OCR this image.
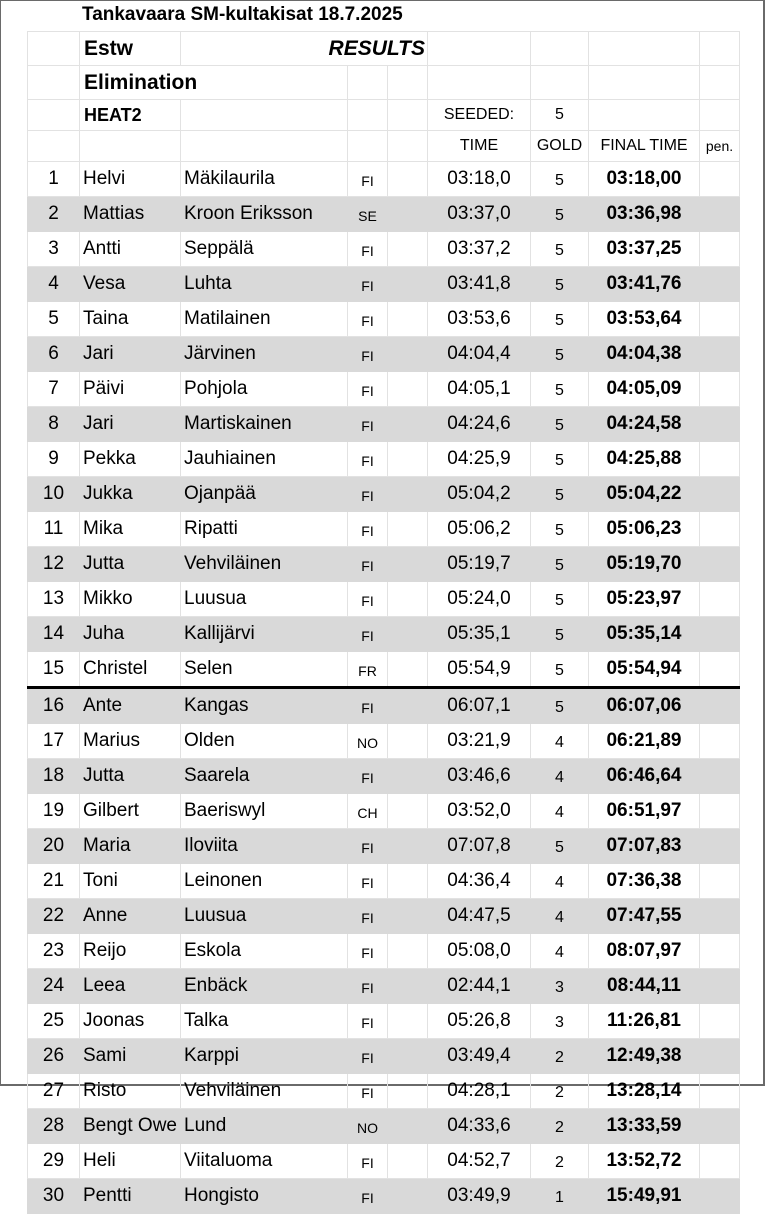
Tankavaara SM-kultakisat 18.7.2025
	Estw	RESULTS						
	Elimination							
	HEAT2				SEEDED:	5		
					TIME	GOLD	FINAL TIME	pen.
1	Helvi	Mäkilaurila	FI		03:18,0	5	03:18,00	
2	Mattias	Kroon Eriksson	SE		03:37,0	5	03:36,98	
3	Antti	Seppälä	FI		03:37,2	5	03:37,25	
4	Vesa	Luhta	FI		03:41,8	5	03:41,76	
5	Taina	Matilainen	FI		03:53,6	5	03:53,64	
6	Jari	Järvinen	FI		04:04,4	5	04:04,38	
7	Päivi	Pohjola	FI		04:05,1	5	04:05,09	
8	Jari	Martiskainen	FI		04:24,6	5	04:24,58	
9	Pekka	Jauhiainen	FI		04:25,9	5	04:25,88	
10	Jukka	Ojanpää	FI		05:04,2	5	05:04,22	
11	Mika	Ripatti	FI		05:06,2	5	05:06,23	
12	Jutta	Vehviläinen	FI		05:19,7	5	05:19,70	
13	Mikko	Luusua	FI		05:24,0	5	05:23,97	
14	Juha	Kallijärvi	FI		05:35,1	5	05:35,14	
15	Christel	Selen	FR		05:54,9	5	05:54,94	
16	Ante	Kangas	FI		06:07,1	5	06:07,06	
17	Marius	Olden	NO		03:21,9	4	06:21,89	
18	Jutta	Saarela	FI		03:46,6	4	06:46,64	
19	Gilbert	Baeriswyl	CH		03:52,0	4	06:51,97	
20	Maria	Iloviita	FI		07:07,8	5	07:07,83	
21	Toni	Leinonen	FI		04:36,4	4	07:36,38	
22	Anne	Luusua	FI		04:47,5	4	07:47,55	
23	Reijo	Eskola	FI		05:08,0	4	08:07,97	
24	Leea	Enbäck	FI		02:44,1	3	08:44,11	
25	Joonas	Talka	FI		05:26,8	3	11:26,81	
26	Sami	Karppi	FI		03:49,4	2	12:49,38	
27	Risto	Vehviläinen	FI		04:28,1	2	13:28,14	
28	Bengt Owe	Lund	NO		04:33,6	2	13:33,59	
29	Heli	Viitaluoma	FI		04:52,7	2	13:52,72	
30	Pentti	Hongisto	FI		03:49,9	1	15:49,91	
